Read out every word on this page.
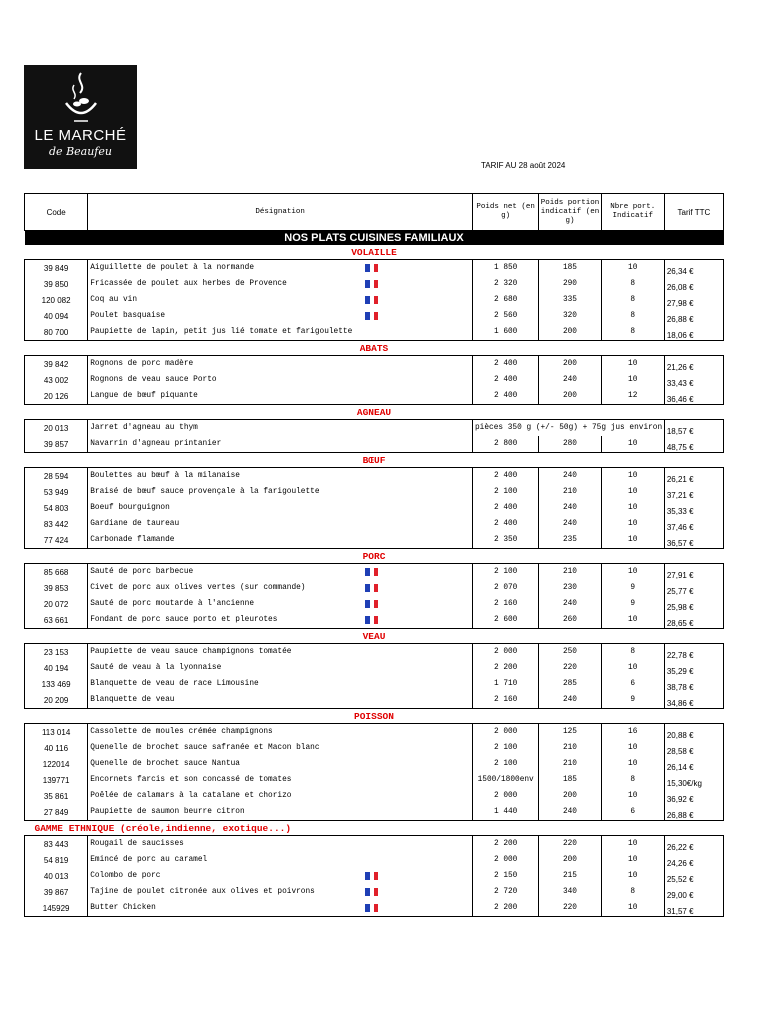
LE MARCHÉ
de Beaufeu
TARIF AU 28 août 2024
Code	Désignation	Poids net (en g)	Poids portion indicatif (en g)	Nbre port. Indicatif	Tarif TTC
NOS PLATS CUISINES FAMILIAUX					
VOLAILLE					
39 849	Aiguillette de poulet à la normande	1 850	185	10	26,34 €
39 850	Fricassée de poulet aux herbes de Provence	2 320	290	8	26,08 €
120 082	Coq au vin	2 680	335	8	27,98 €
40 094	Poulet basquaise	2 560	320	8	26,88 €
80 700	Paupiette de lapin, petit jus lié tomate et farigoulette	1 600	200	8	18,06 €
ABATS					
39 842	Rognons de porc madère	2 400	200	10	21,26 €
43 002	Rognons de veau sauce Porto	2 400	240	10	33,43 €
20 126	Langue de bœuf piquante	2 400	200	12	36,46 €
AGNEAU					
20 013	Jarret d'agneau au thym	pièces 350 g (+/- 50g) + 75g jus environ			18,57 €
39 857	Navarrin d'agneau printanier	2 800	280	10	48,75 €
BŒUF					
28 594	Boulettes au bœuf à la milanaise	2 400	240	10	26,21 €
53 949	Braisé de bœuf sauce provençale à la farigoulette	2 100	210	10	37,21 €
54 803	Boeuf bourguignon	2 400	240	10	35,33 €
83 442	Gardiane de taureau	2 400	240	10	37,46 €
77 424	Carbonade flamande	2 350	235	10	36,57 €
PORC					
85 668	Sauté de porc barbecue	2 100	210	10	27,91 €
39 853	Civet de porc aux olives vertes (sur commande)	2 070	230	9	25,77 €
20 072	Sauté de porc moutarde à l'ancienne	2 160	240	9	25,98 €
63 661	Fondant de porc sauce porto et pleurotes	2 600	260	10	28,65 €
VEAU					
23 153	Paupiette de veau sauce champignons tomatée	2 000	250	8	22,78 €
40 194	Sauté de veau à la lyonnaise	2 200	220	10	35,29 €
133 469	Blanquette de veau de race Limousine	1 710	285	6	38,78 €
20 209	Blanquette de veau	2 160	240	9	34,86 €
POISSON					
113 014	Cassolette de moules crémée champignons	2 000	125	16	20,88 €
40 116	Quenelle de brochet sauce safranée et Macon blanc	2 100	210	10	28,58 €
122014	Quenelle de brochet sauce Nantua	2 100	210	10	26,14 €
139771	Encornets farcis et son concassé de tomates	1500/1800env	185	8	15,30€/kg
35 861	Poêlée de calamars à la catalane et chorizo	2 000	200	10	36,92 €
27 849	Paupiette de saumon beurre citron	1 440	240	6	26,88 €
GAMME ETHNIQUE (créole,indienne, exotique...)					
83 443	Rougail de saucisses	2 200	220	10	26,22 €
54 819	Emincé de porc au caramel	2 000	200	10	24,26 €
40 013	Colombo de porc	2 150	215	10	25,52 €
39 867	Tajine de poulet citronée aux olives et poivrons	2 720	340	8	29,00 €
145929	Butter Chicken	2 200	220	10	31,57 €
